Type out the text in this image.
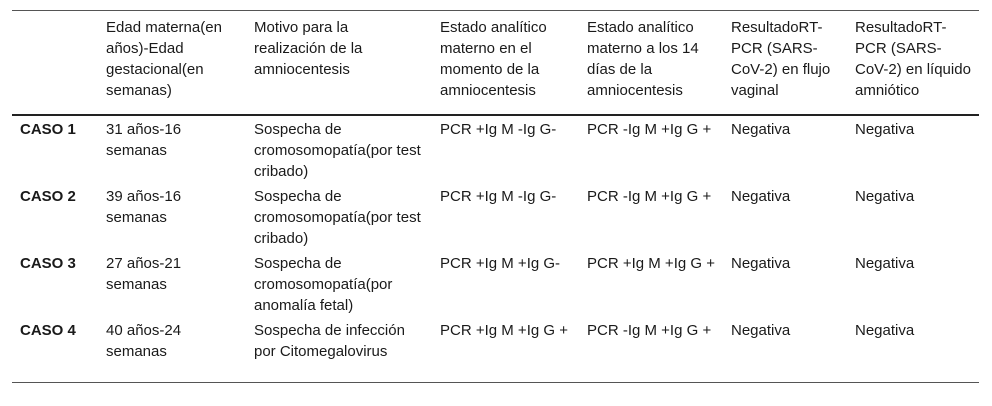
	Edad materna(en años)-Edad gestacional(en semanas)	Motivo para la realización de la amniocentesis	Estado analítico materno en el momento de la amniocentesis	Estado analítico materno a los 14 días de la amniocentesis	ResultadoRT-PCR (SARS-CoV-2) en flujo vaginal	ResultadoRT-PCR (SARS-CoV-2) en líquido amniótico
CASO 1	31 años-16 semanas	Sospecha de cromosomopatía(por test cribado)	PCR +Ig M -Ig G-	PCR -Ig M +Ig G +	Negativa	Negativa
CASO 2	39 años-16 semanas	Sospecha de cromosomopatía(por test cribado)	PCR +Ig M -Ig G-	PCR -Ig M +Ig G +	Negativa	Negativa
CASO 3	27 años-21 semanas	Sospecha de cromosomopatía(por anomalía fetal)	PCR +Ig M +Ig G-	PCR +Ig M +Ig G +	Negativa	Negativa
CASO 4	40 años-24 semanas	Sospecha de infección por Citomegalovirus	PCR +Ig M +Ig G +	PCR -Ig M +Ig G +	Negativa	Negativa
